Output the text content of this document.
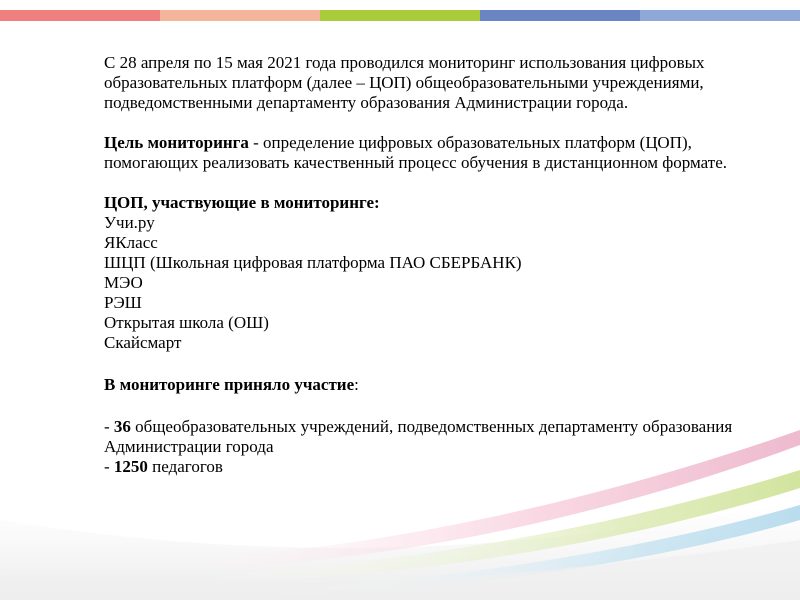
С 28 апреля по 15 мая 2021 года проводился мониторинг использования цифровых образовательных платформ (далее – ЦОП) общеобразовательными учреждениями, подведомственными департаменту образования Администрации города.

Цель мониторинга - определение цифровых образовательных платформ (ЦОП), помогающих реализовать качественный процесс обучения в дистанционном формате.

ЦОП, участвующие в мониторинге:

Учи.ру

ЯКласс

ШЦП (Школьная цифровая платформа ПАО СБЕРБАНК)

МЭО

РЭШ

Открытая школа (ОШ)

Скайсмарт

В мониторинге приняло участие:

- 36 общеобразовательных учреждений, подведомственных департаменту образования Администрации города

- 1250 педагогов
